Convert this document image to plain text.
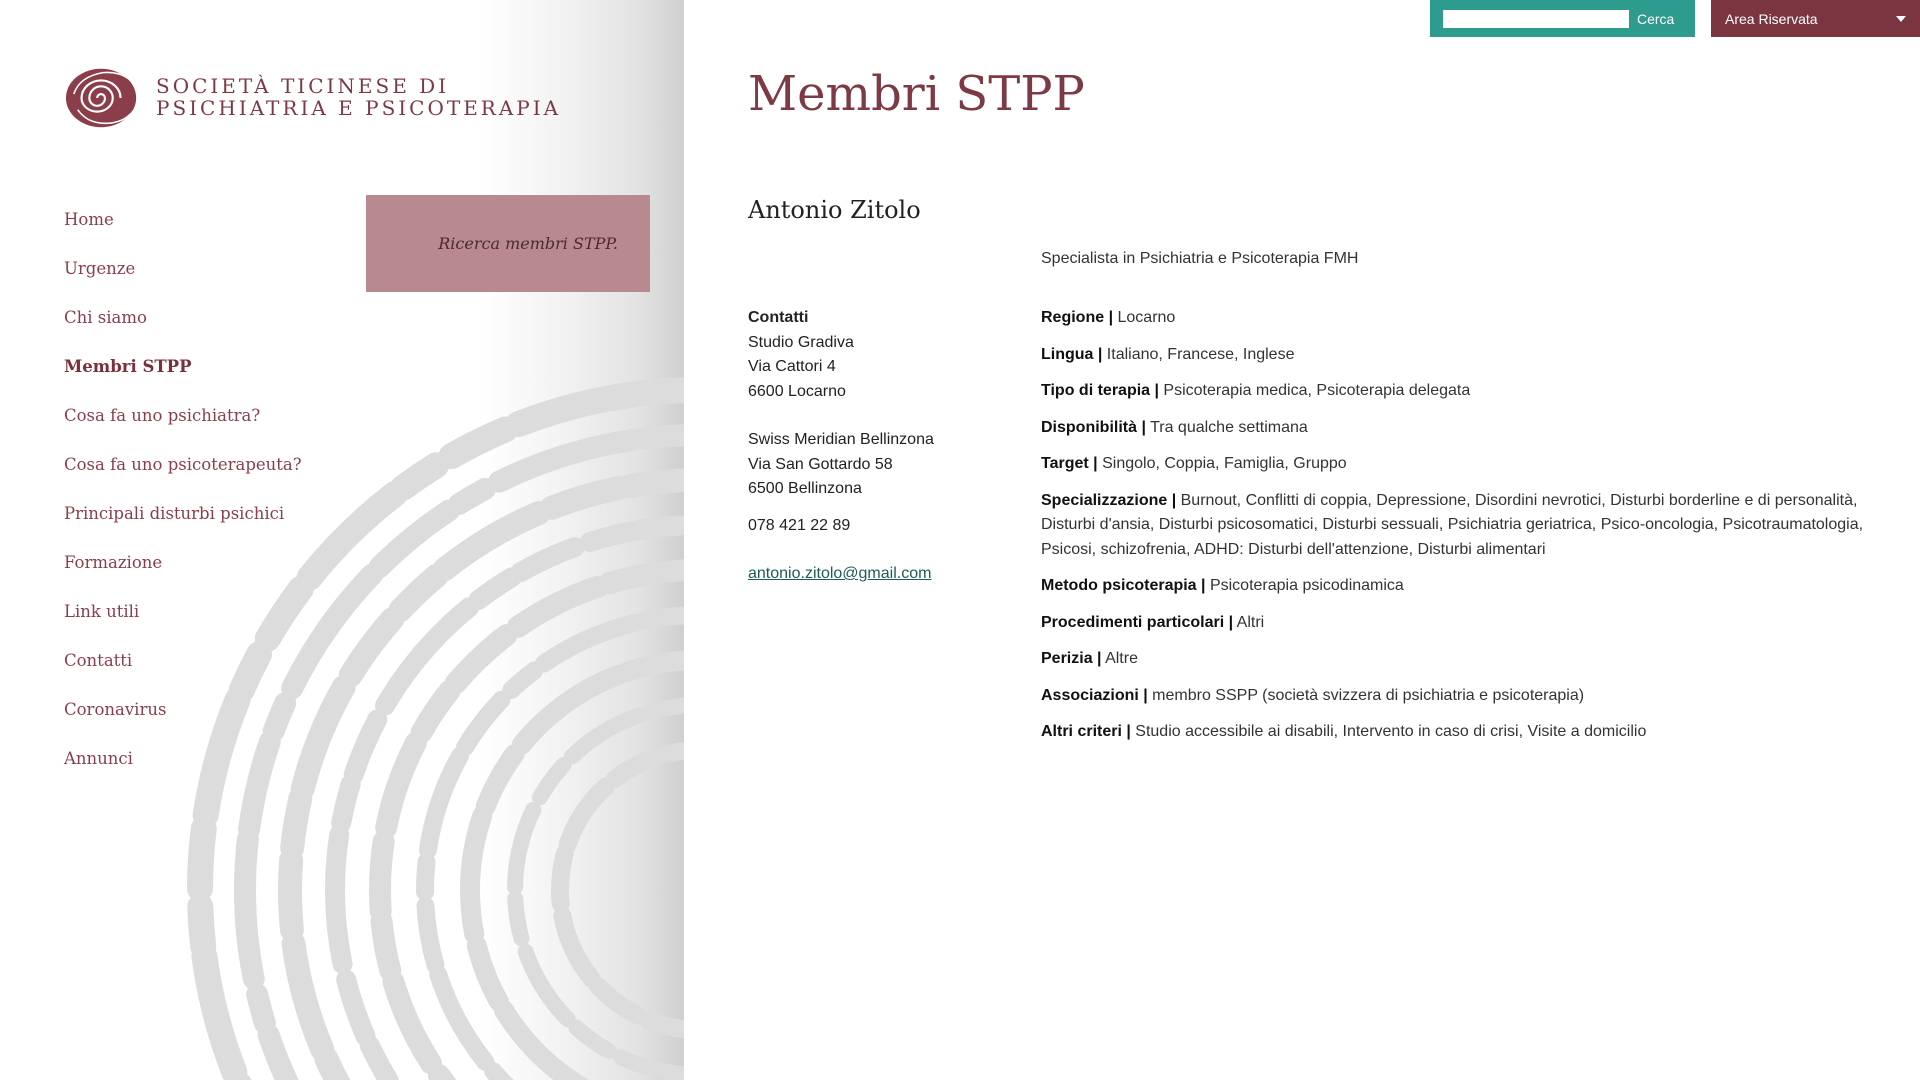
SOCIETÀ TICINESE DI
PSICHIATRIA E PSICOTERAPIA
Home
Urgenze
Chi siamo
Membri STPP
Cosa fa uno psichiatra?
Cosa fa uno psicoterapeuta?
Principali disturbi psichici
Formazione
Link utili
Contatti
Coronavirus
Annunci
Ricerca membri STPP.
Cerca	Area Riservata
Membri STPP
Antonio Zitolo
Specialista in Psichiatria e Psicoterapia FMH
Contatti
Studio Gradiva
Via Cattori 4
6600 Locarno
Swiss Meridian Bellinzona
Via San Gottardo 58
6500 Bellinzona
078 421 22 89
antonio.zitolo@gmail.com
Regione | Locarno
Lingua | Italiano, Francese, Inglese
Tipo di terapia | Psicoterapia medica, Psicoterapia delegata
Disponibilità | Tra qualche settimana
Target | Singolo, Coppia, Famiglia, Gruppo
Specializzazione | Burnout, Conflitti di coppia, Depressione, Disordini nevrotici, Disturbi borderline e di personalità, Disturbi d'ansia, Disturbi psicosomatici, Disturbi sessuali, Psichiatria geriatrica, Psico-oncologia, Psicotraumatologia, Psicosi, schizofrenia, ADHD: Disturbi dell'attenzione, Disturbi alimentari
Metodo psicoterapia | Psicoterapia psicodinamica
Procedimenti particolari | Altri
Perizia | Altre
Associazioni | membro SSPP (società svizzera di psichiatria e psicoterapia)
Altri criteri | Studio accessibile ai disabili, Intervento in caso di crisi, Visite a domicilio
